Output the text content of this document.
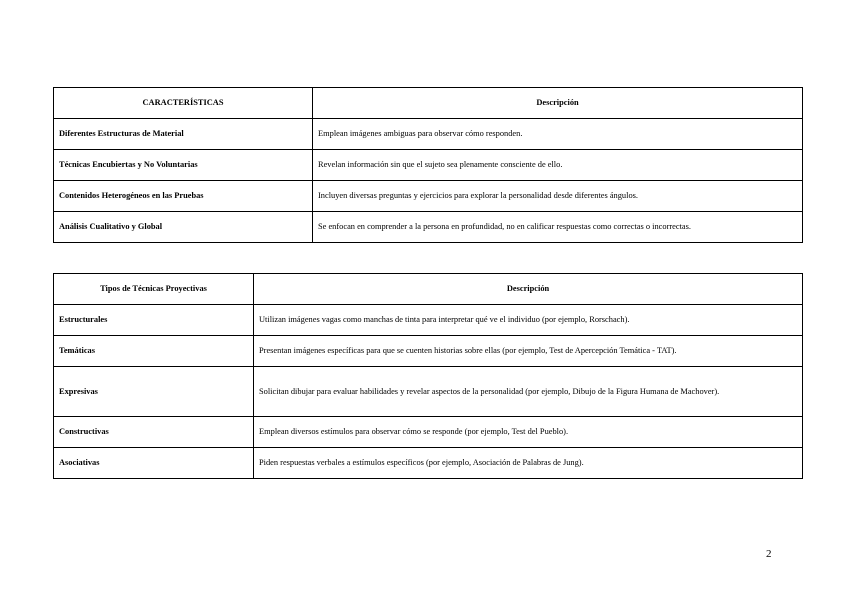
CARACTERÍSTICAS	Descripción
Diferentes Estructuras de Material	Emplean imágenes ambiguas para observar cómo responden.
Técnicas Encubiertas y No Voluntarias	Revelan información sin que el sujeto sea plenamente consciente de ello.
Contenidos Heterogéneos en las Pruebas	Incluyen diversas preguntas y ejercicios para explorar la personalidad desde diferentes ángulos.
Análisis Cualitativo y Global	Se enfocan en comprender a la persona en profundidad, no en calificar respuestas como correctas o incorrectas.
Tipos de Técnicas Proyectivas	Descripción
Estructurales	Utilizan imágenes vagas como manchas de tinta para interpretar qué ve el individuo (por ejemplo, Rorschach).
Temáticas	Presentan imágenes específicas para que se cuenten historias sobre ellas (por ejemplo, Test de Apercepción Temática - TAT).
Expresivas	Solicitan dibujar para evaluar habilidades y revelar aspectos de la personalidad (por ejemplo, Dibujo de la Figura Humana de Machover).
Constructivas	Emplean diversos estímulos para observar cómo se responde (por ejemplo, Test del Pueblo).
Asociativas	Piden respuestas verbales a estímulos específicos (por ejemplo, Asociación de Palabras de Jung).
2
